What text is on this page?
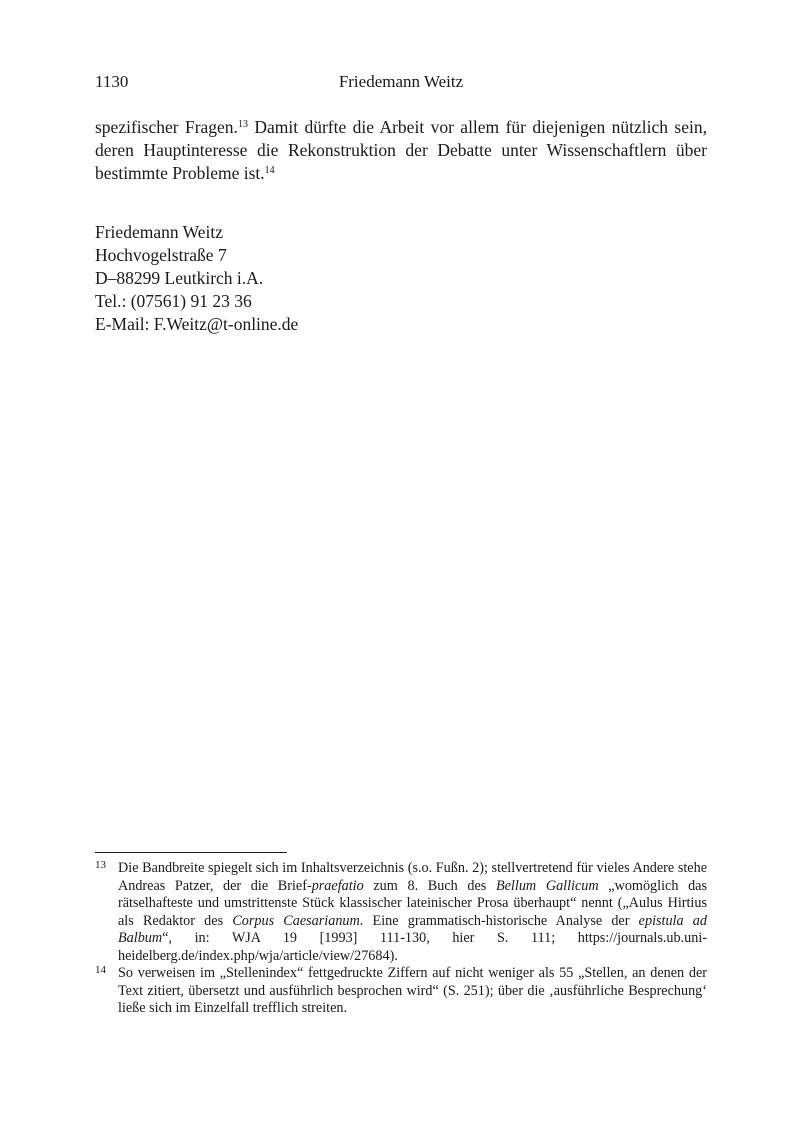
1130	Friedemann Weitz

spezifischer Fragen.$^{13}$ Damit dürfte die Arbeit vor allem für diejenigen nützlich sein, deren Hauptinteresse die Rekonstruktion der Debatte unter Wissenschaftlern über bestimmte Probleme ist.$^{14}$

Friedemann Weitz
Hochvogelstraße 7
D–88299 Leutkirch i.A.
Tel.: (07561) 91 23 36
E-Mail: F.Weitz@t-online.de
13 Die Bandbreite spiegelt sich im Inhaltsverzeichnis (s.o. Fußn. 2); stellvertretend für vieles Andere stehe Andreas Patzer, der die Brief-praefatio zum 8. Buch des Bellum Gallicum „womöglich das rätselhafteste und umstrittenste Stück klassischer lateinischer Prosa überhaupt“ nennt („Aulus Hirtius als Redaktor des Corpus Caesarianum. Eine grammatisch-historische Analyse der epistula ad Balbum“, in: WJA 19 [1993] 111-130, hier S. 111; https://journals.ub.uni-heidelberg.de/index.php/wja/article/view/27684).
14 So verweisen im „Stellenindex“ fettgedruckte Ziffern auf nicht weniger als 55 „Stellen, an denen der Text zitiert, übersetzt und ausführlich besprochen wird“ (S. 251); über die ‚ausführliche Besprechung‘ ließe sich im Einzelfall trefflich streiten.
